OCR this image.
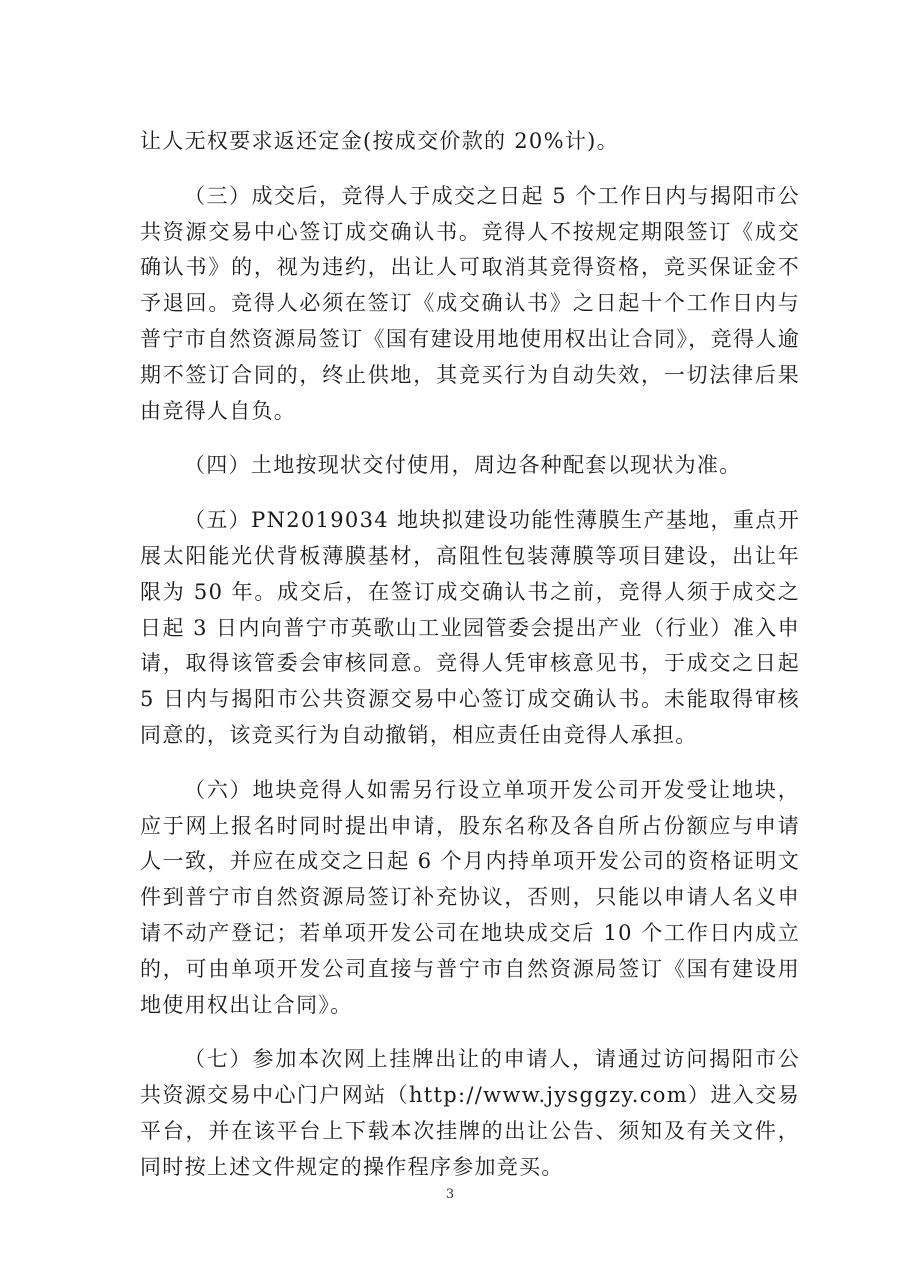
让人无权要求返还定金(按成交价款的 20%计)。

（三）成交后，竞得人于成交之日起 5 个工作日内与揭阳市公共资源交易中心签订成交确认书。竞得人不按规定期限签订《成交确认书》的，视为违约，出让人可取消其竞得资格，竞买保证金不予退回。竞得人必须在签订《成交确认书》之日起十个工作日内与普宁市自然资源局签订《国有建设用地使用权出让合同》，竞得人逾期不签订合同的，终止供地，其竞买行为自动失效，一切法律后果由竞得人自负。

（四）土地按现状交付使用，周边各种配套以现状为准。

（五）PN2019034 地块拟建设功能性薄膜生产基地，重点开展太阳能光伏背板薄膜基材，高阻性包装薄膜等项目建设，出让年限为 50 年。成交后，在签订成交确认书之前，竞得人须于成交之日起 3 日内向普宁市英歌山工业园管委会提出产业（行业）准入申请，取得该管委会审核同意。竞得人凭审核意见书，于成交之日起 5 日内与揭阳市公共资源交易中心签订成交确认书。未能取得审核同意的，该竞买行为自动撤销，相应责任由竞得人承担。

（六）地块竞得人如需另行设立单项开发公司开发受让地块，应于网上报名时同时提出申请，股东名称及各自所占份额应与申请人一致，并应在成交之日起 6 个月内持单项开发公司的资格证明文件到普宁市自然资源局签订补充协议，否则，只能以申请人名义申请不动产登记；若单项开发公司在地块成交后 10 个工作日内成立的，可由单项开发公司直接与普宁市自然资源局签订《国有建设用地使用权出让合同》。

（七）参加本次网上挂牌出让的申请人，请通过访问揭阳市公共资源交易中心门户网站（http://www.jysggzy.com）进入交易平台，并在该平台上下载本次挂牌的出让公告、须知及有关文件，同时按上述文件规定的操作程序参加竞买。

3
